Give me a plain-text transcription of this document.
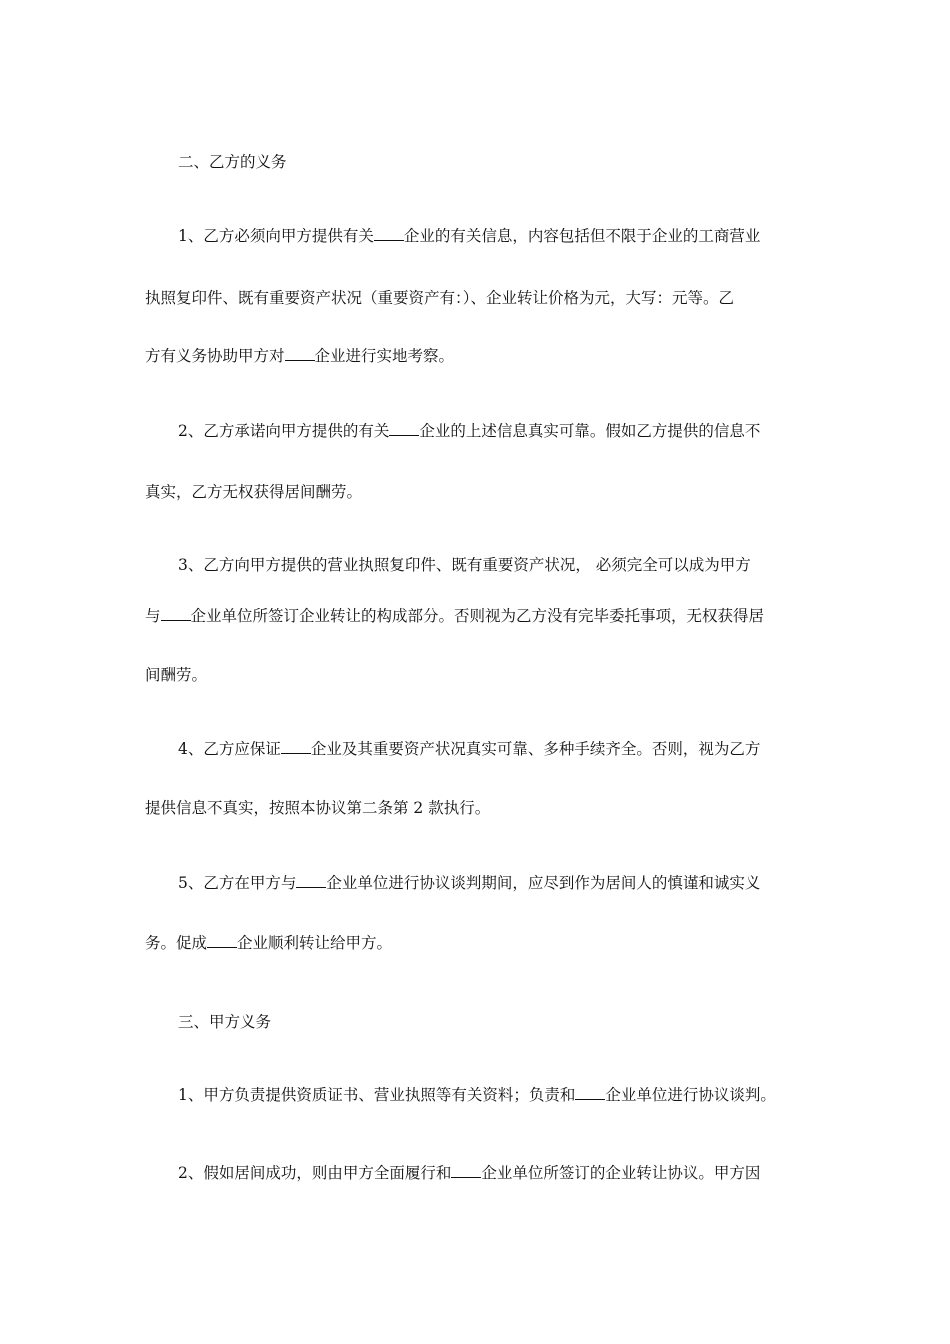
二、乙方的义务
1、乙方必须向甲方提供有关 企业的有关信息，内容包括但不限于企业的工商营业
执照复印件、既有重要资产状况（重要资产有：）、企业转让价格为元，大写：元等。乙
方有义务协助甲方对 企业进行实地考察。
2、乙方承诺向甲方提供的有关 企业的上述信息真实可靠。假如乙方提供的信息不
真实，乙方无权获得居间酬劳。
3、乙方向甲方提供的营业执照复印件、既有重要资产状况， 必须完全可以成为甲方
与 企业单位所签订企业转让的构成部分。否则视为乙方没有完毕委托事项，无权获得居
间酬劳。
4、乙方应保证 企业及其重要资产状况真实可靠、多种手续齐全。否则，视为乙方
提供信息不真实，按照本协议第二条第 2 款执行。
5、乙方在甲方与 企业单位进行协议谈判期间，应尽到作为居间人的慎谨和诚实义
务。促成 企业顺利转让给甲方。
三、甲方义务
1、甲方负责提供资质证书、营业执照等有关资料；负责和 企业单位进行协议谈判。
2、假如居间成功，则由甲方全面履行和 企业单位所签订的企业转让协议。甲方因
